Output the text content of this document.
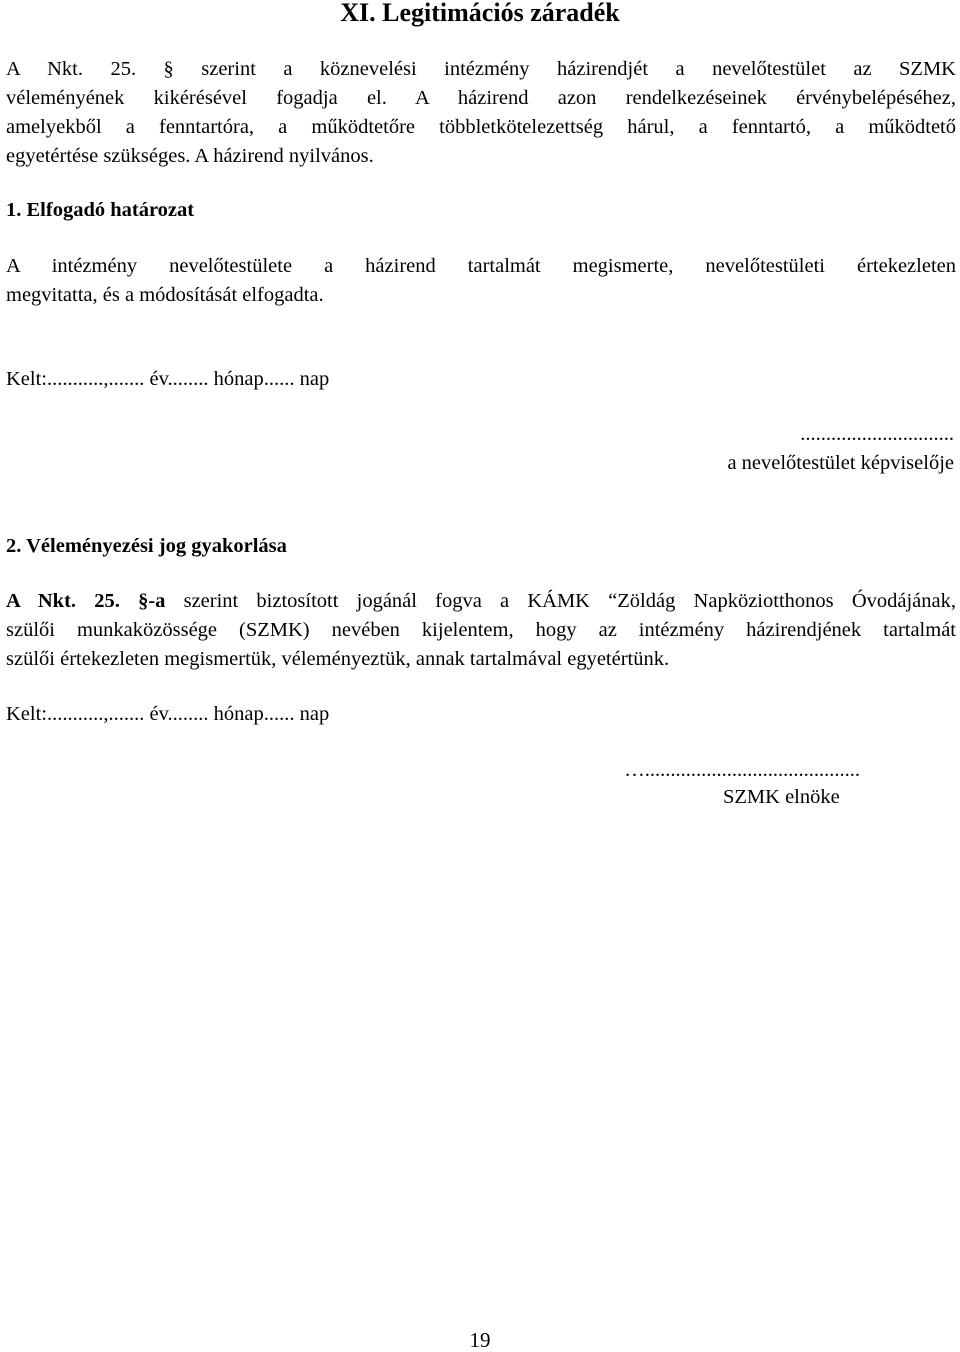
XI. Legitimációs záradék
A Nkt. 25. § szerint a köznevelési intézmény házirendjét a nevelőtestület az SZMK
véleményének kikérésével fogadja el. A házirend azon rendelkezéseinek érvénybelépéséhez,
amelyekből a fenntartóra, a működtetőre többletkötelezettség hárul, a fenntartó, a működtető
egyetértése szükséges. A házirend nyilvános.
1. Elfogadó határozat
A intézmény nevelőtestülete a házirend tartalmát megismerte, nevelőtestületi értekezleten
megvitatta, és a módosítását elfogadta.
Kelt:...........,....... év........ hónap...... nap
..............................
a nevelőtestület képviselője
2. Véleményezési jog gyakorlása
A Nkt. 25. §-a szerint biztosított jogánál fogva a KÁMK “Zöldág Napköziotthonos Óvodájának,
szülői munkaközössége (SZMK) nevében kijelentem, hogy az intézmény házirendjének tartalmát
szülői értekezleten megismertük, véleményeztük, annak tartalmával egyetértünk.
Kelt:...........,....... év........ hónap...... nap
…..........................................
SZMK elnöke
19
